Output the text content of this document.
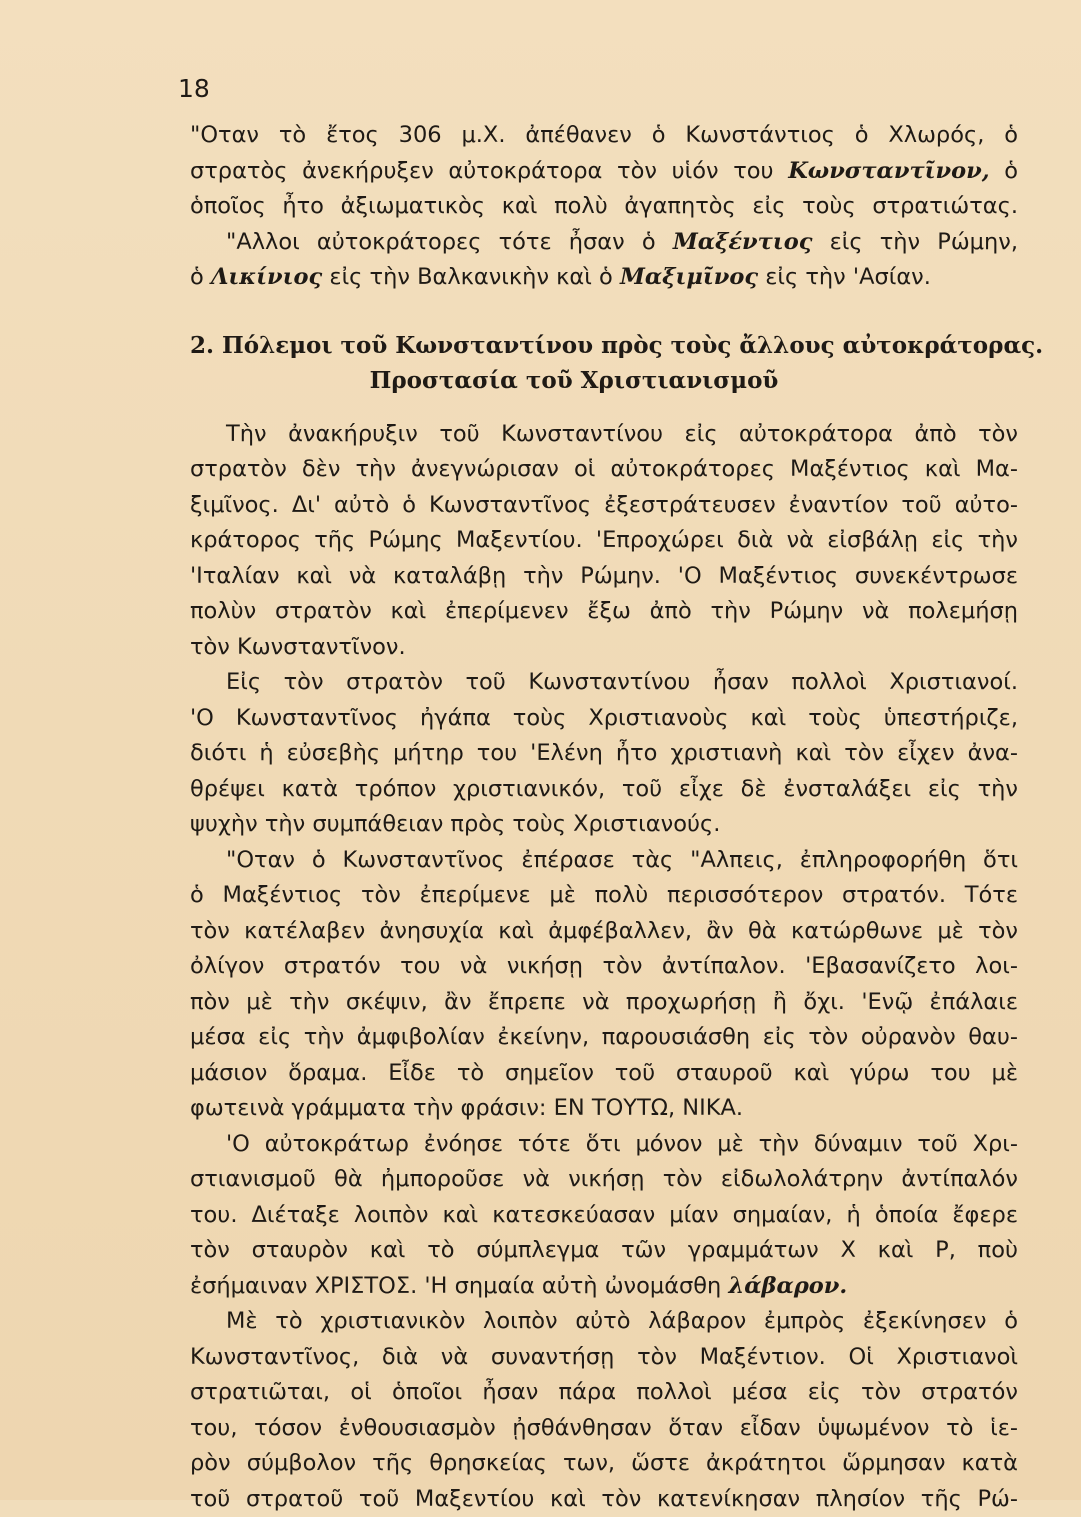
18
"Οταν τὸ ἔτος 306 μ.Χ. ἀπέθανεν ὁ Κωνστάντιος ὁ Χλωρός, ὁ
στρατὸς ἀνεκήρυξεν αὐτοκράτορα τὸν υἱόν του Κωνσταντῖνον, ὁ
ὁποῖος ἦτο ἀξιωματικὸς καὶ πολὺ ἀγαπητὸς εἰς τοὺς στρατιώτας.
"Αλλοι αὐτοκράτορες τότε ἦσαν ὁ Μαξέντιος εἰς τὴν Ρώμην,
ὁ Λικίνιος εἰς τὴν Βαλκανικὴν καὶ ὁ Μαξιμῖνος εἰς τὴν 'Ασίαν.
2. Πόλεμοι τοῦ Κωνσταντίνου πρὸς τοὺς ἄλλους αὐτοκράτορας.
Προστασία τοῦ Χριστιανισμοῦ
Τὴν ἀνακήρυξιν τοῦ Κωνσταντίνου εἰς αὐτοκράτορα ἀπὸ τὸν
στρατὸν δὲν τὴν ἀνεγνώρισαν οἱ αὐτοκράτορες Μαξέντιος καὶ Μα-
ξιμῖνος. Δι' αὐτὸ ὁ Κωνσταντῖνος ἐξεστράτευσεν ἐναντίον τοῦ αὐτο-
κράτορος τῆς Ρώμης Μαξεντίου. 'Επροχώρει διὰ νὰ εἰσβάλῃ εἰς τὴν
'Ιταλίαν καὶ νὰ καταλάβῃ τὴν Ρώμην. 'Ο Μαξέντιος συνεκέντρωσε
πολὺν στρατὸν καὶ ἐπερίμενεν ἔξω ἀπὸ τὴν Ρώμην νὰ πολεμήσῃ
τὸν Κωνσταντῖνον.
Εἰς τὸν στρατὸν τοῦ Κωνσταντίνου ἦσαν πολλοὶ Χριστιανοί.
'Ο Κωνσταντῖνος ἠγάπα τοὺς Χριστιανοὺς καὶ τοὺς ὑπεστήριζε,
διότι ἡ εὐσεβὴς μήτηρ του 'Ελένη ἦτο χριστιανὴ καὶ τὸν εἶχεν ἀνα-
θρέψει κατὰ τρόπον χριστιανικόν, τοῦ εἶχε δὲ ἐνσταλάξει εἰς τὴν
ψυχὴν τὴν συμπάθειαν πρὸς τοὺς Χριστιανούς.
"Οταν ὁ Κωνσταντῖνος ἐπέρασε τὰς "Αλπεις, ἐπληροφορήθη ὅτι
ὁ Μαξέντιος τὸν ἐπερίμενε μὲ πολὺ περισσότερον στρατόν. Τότε
τὸν κατέλαβεν ἀνησυχία καὶ ἀμφέβαλλεν, ἂν θὰ κατώρθωνε μὲ τὸν
ὀλίγον στρατόν του νὰ νικήσῃ τὸν ἀντίπαλον. 'Εβασανίζετο λοι-
πὸν μὲ τὴν σκέψιν, ἂν ἔπρεπε νὰ προχωρήσῃ ἢ ὄχι. 'Ενῷ ἐπάλαιε
μέσα εἰς τὴν ἀμφιβολίαν ἐκείνην, παρουσιάσθη εἰς τὸν οὐρανὸν θαυ-
μάσιον ὅραμα. Εἶδε τὸ σημεῖον τοῦ σταυροῦ καὶ γύρω του μὲ
φωτεινὰ γράμματα τὴν φράσιν: ΕΝ ΤΟΥΤΩ, ΝΙΚΑ.
'Ο αὐτοκράτωρ ἐνόησε τότε ὅτι μόνον μὲ τὴν δύναμιν τοῦ Χρι-
στιανισμοῦ θὰ ἠμποροῦσε νὰ νικήσῃ τὸν εἰδωλολάτρην ἀντίπαλόν
του. Διέταξε λοιπὸν καὶ κατεσκεύασαν μίαν σημαίαν, ἡ ὁποία ἔφερε
τὸν σταυρὸν καὶ τὸ σύμπλεγμα τῶν γραμμάτων Χ καὶ Ρ, ποὺ
ἐσήμαιναν ΧΡΙΣΤΟΣ. 'Η σημαία αὐτὴ ὠνομάσθη λάβαρον.
Μὲ τὸ χριστιανικὸν λοιπὸν αὐτὸ λάβαρον ἐμπρὸς ἐξεκίνησεν ὁ
Κωνσταντῖνος, διὰ νὰ συναντήσῃ τὸν Μαξέντιον. Οἱ Χριστιανοὶ
στρατιῶται, οἱ ὁποῖοι ἦσαν πάρα πολλοὶ μέσα εἰς τὸν στρατόν
του, τόσον ἐνθουσιασμὸν ᾐσθάνθησαν ὅταν εἶδαν ὑψωμένον τὸ ἱε-
ρὸν σύμβολον τῆς θρησκείας των, ὥστε ἀκράτητοι ὥρμησαν κατὰ
τοῦ στρατοῦ τοῦ Μαξεντίου καὶ τὸν κατενίκησαν πλησίον τῆς Ρώ-
